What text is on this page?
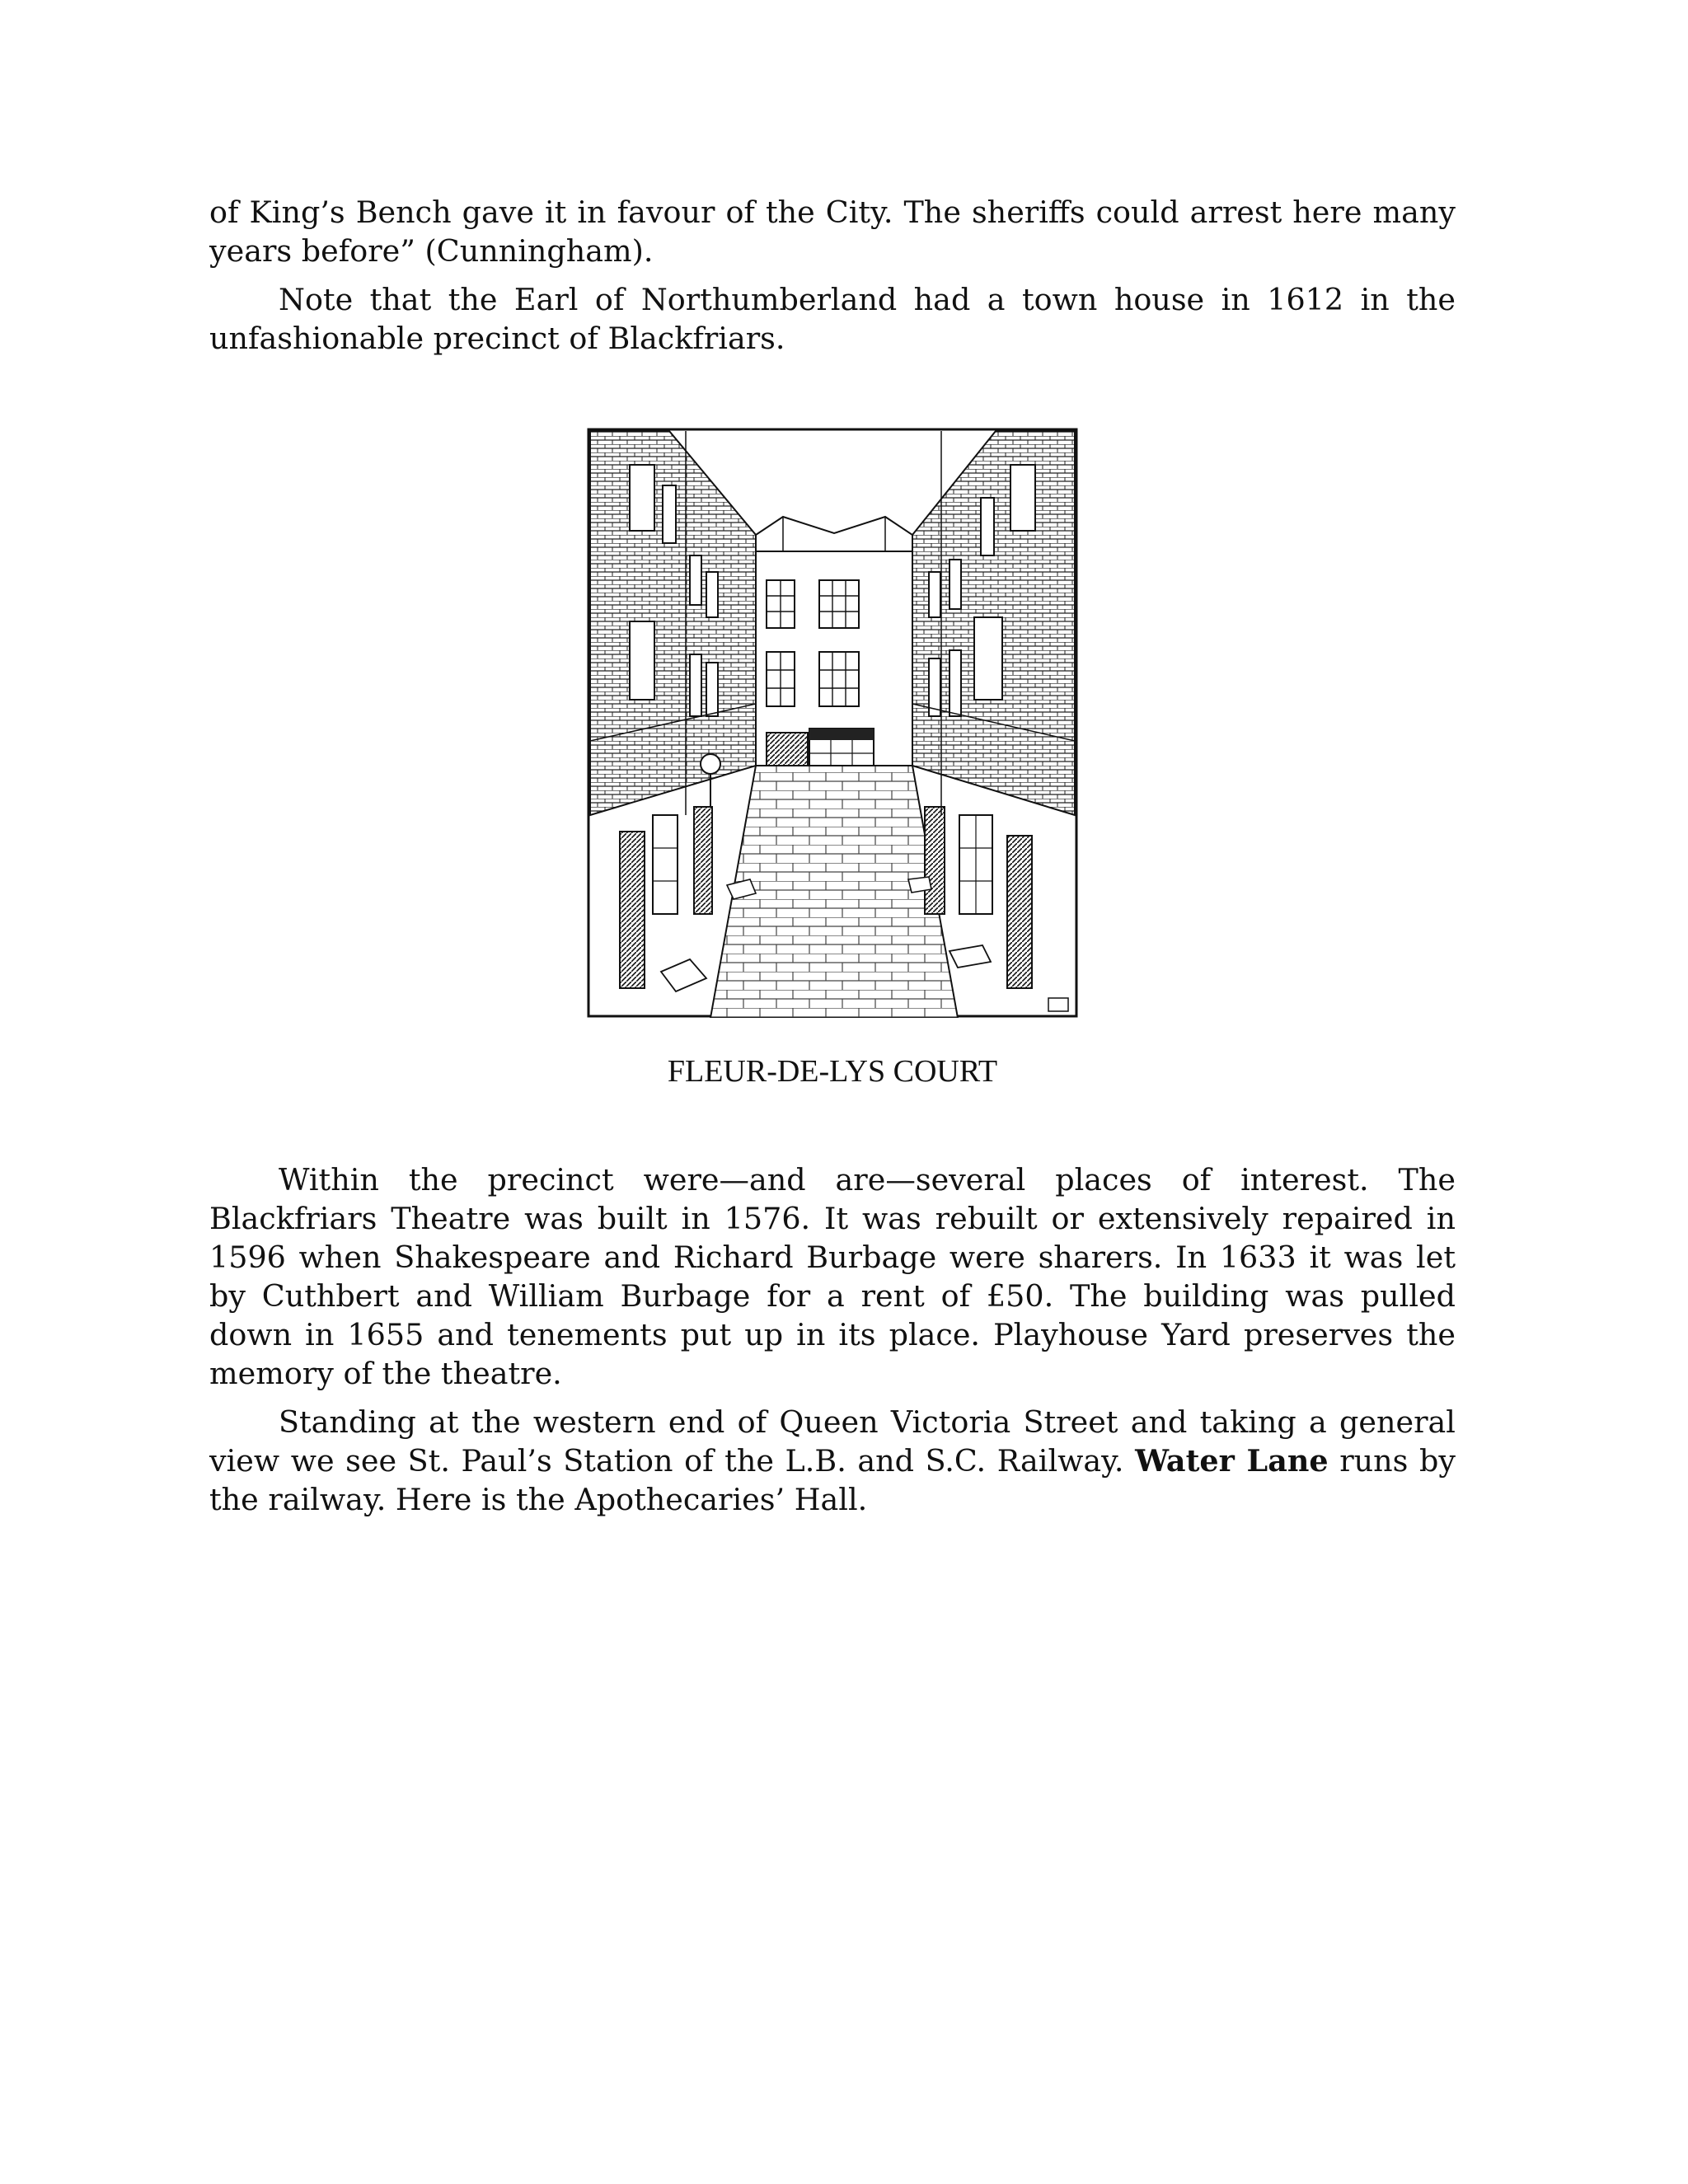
of King’s Bench gave it in favour of the City. The sheriffs could arrest here many years before” (Cunningham).

Note that the Earl of Northumberland had a town house in 1612 in the unfashionable precinct of Blackfriars.

FLEUR-DE-LYS COURT

Within the precinct were—and are—several places of interest. The Blackfriars Theatre was built in 1576. It was rebuilt or extensively repaired in 1596 when Shakespeare and Richard Burbage were sharers. In 1633 it was let by Cuthbert and William Burbage for a rent of £50. The building was pulled down in 1655 and tenements put up in its place. Playhouse Yard preserves the memory of the theatre.

Standing at the western end of Queen Victoria Street and taking a general view we see St. Paul’s Station of the L.B. and S.C. Railway. Water Lane runs by the railway. Here is the Apothecaries’ Hall.
